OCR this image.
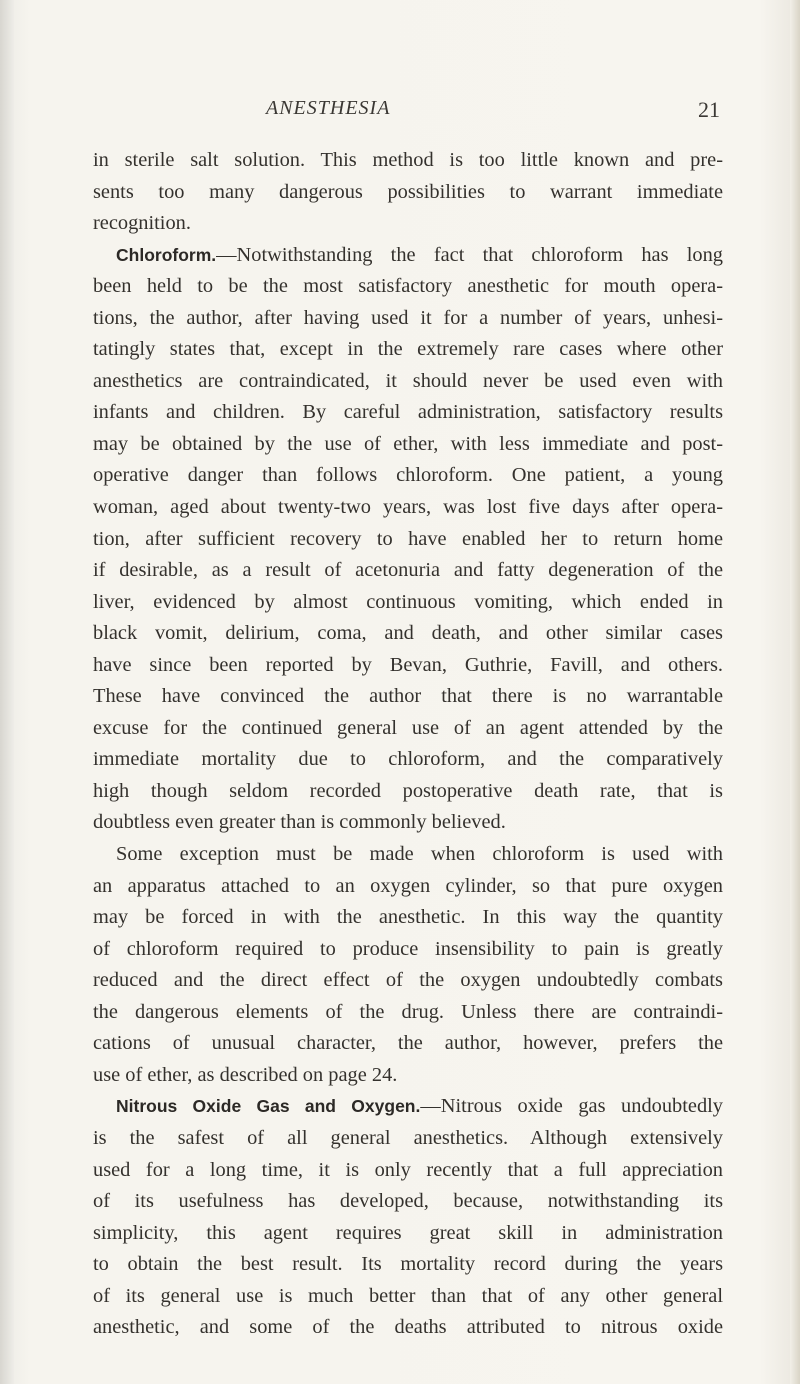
ANESTHESIA	21
in sterile salt solution. This method is too little known and pre-
sents too many dangerous possibilities to warrant immediate
recognition.
Chloroform.—Notwithstanding the fact that chloroform has long
been held to be the most satisfactory anesthetic for mouth opera-
tions, the author, after having used it for a number of years, unhesi-
tatingly states that, except in the extremely rare cases where other
anesthetics are contraindicated, it should never be used even with
infants and children. By careful administration, satisfactory results
may be obtained by the use of ether, with less immediate and post-
operative danger than follows chloroform. One patient, a young
woman, aged about twenty-two years, was lost five days after opera-
tion, after sufficient recovery to have enabled her to return home
if desirable, as a result of acetonuria and fatty degeneration of the
liver, evidenced by almost continuous vomiting, which ended in
black vomit, delirium, coma, and death, and other similar cases
have since been reported by Bevan, Guthrie, Favill, and others.
These have convinced the author that there is no warrantable
excuse for the continued general use of an agent attended by the
immediate mortality due to chloroform, and the comparatively
high though seldom recorded postoperative death rate, that is
doubtless even greater than is commonly believed.
Some exception must be made when chloroform is used with
an apparatus attached to an oxygen cylinder, so that pure oxygen
may be forced in with the anesthetic. In this way the quantity
of chloroform required to produce insensibility to pain is greatly
reduced and the direct effect of the oxygen undoubtedly combats
the dangerous elements of the drug. Unless there are contraindi-
cations of unusual character, the author, however, prefers the
use of ether, as described on page 24.
Nitrous Oxide Gas and Oxygen.—Nitrous oxide gas undoubtedly
is the safest of all general anesthetics. Although extensively
used for a long time, it is only recently that a full appreciation
of its usefulness has developed, because, notwithstanding its
simplicity, this agent requires great skill in administration
to obtain the best result. Its mortality record during the years
of its general use is much better than that of any other general
anesthetic, and some of the deaths attributed to nitrous oxide
